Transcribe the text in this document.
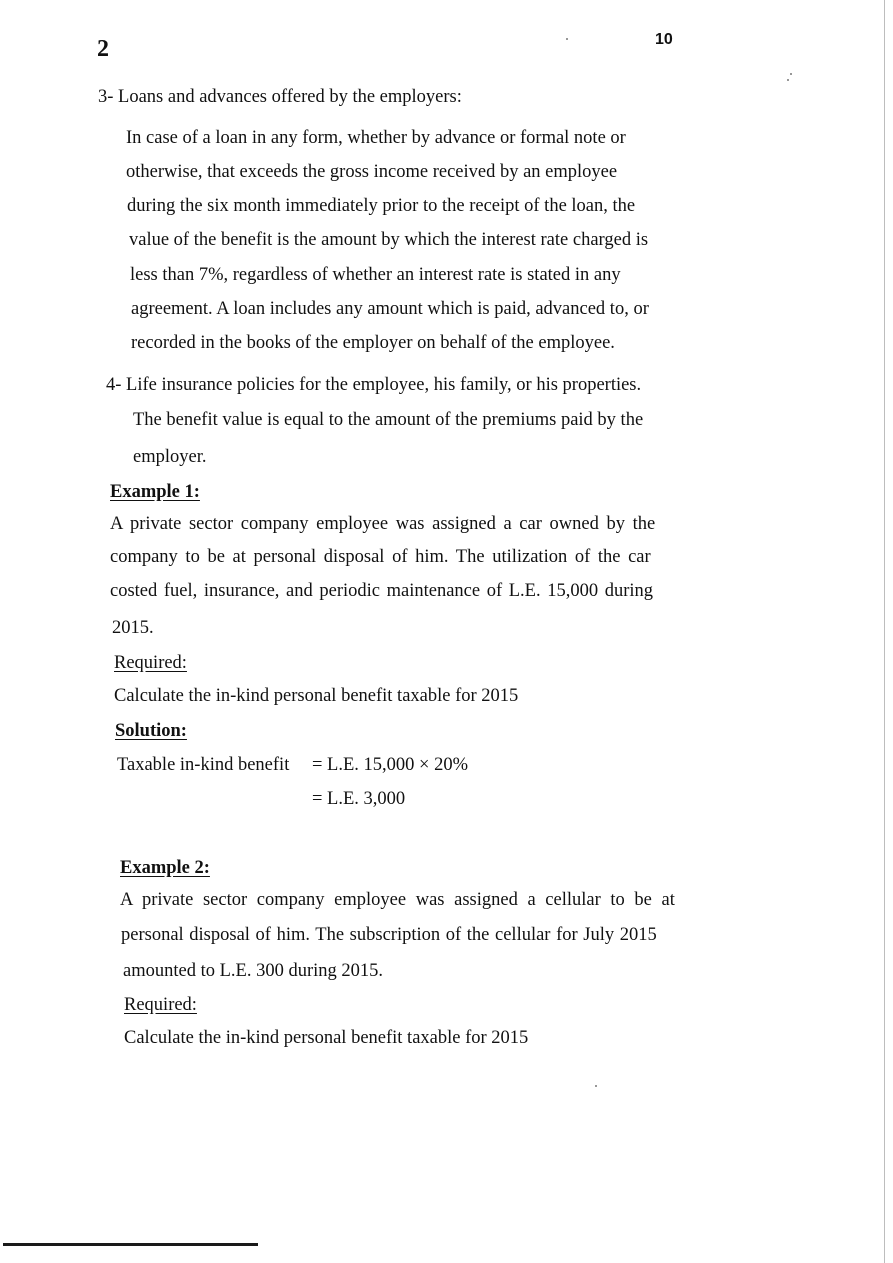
2	10
3- Loans and advances offered by the employers:
In case of a loan in any form, whether by advance or formal note or
otherwise, that exceeds the gross income received by an employee
during the six month immediately prior to the receipt of the loan, the
value of the benefit is the amount by which the interest rate charged is
less than 7%, regardless of whether an interest rate is stated in any
agreement. A loan includes any amount which is paid, advanced to, or
recorded in the books of the employer on behalf of the employee.
4- Life insurance policies for the employee, his family, or his properties.
The benefit value is equal to the amount of the premiums paid by the
employer.
Example 1:
A private sector company employee was assigned a car owned by the
company to be at personal disposal of him. The utilization of the car
costed fuel, insurance, and periodic maintenance of L.E. 15,000 during
2015.
Required:
Calculate the in-kind personal benefit taxable for 2015
Solution:
Taxable in-kind benefit = L.E. 15,000 × 20%
= L.E. 3,000
Example 2:
A private sector company employee was assigned a cellular to be at
personal disposal of him. The subscription of the cellular for July 2015
amounted to L.E. 300 during 2015.
Required:
Calculate the in-kind personal benefit taxable for 2015
